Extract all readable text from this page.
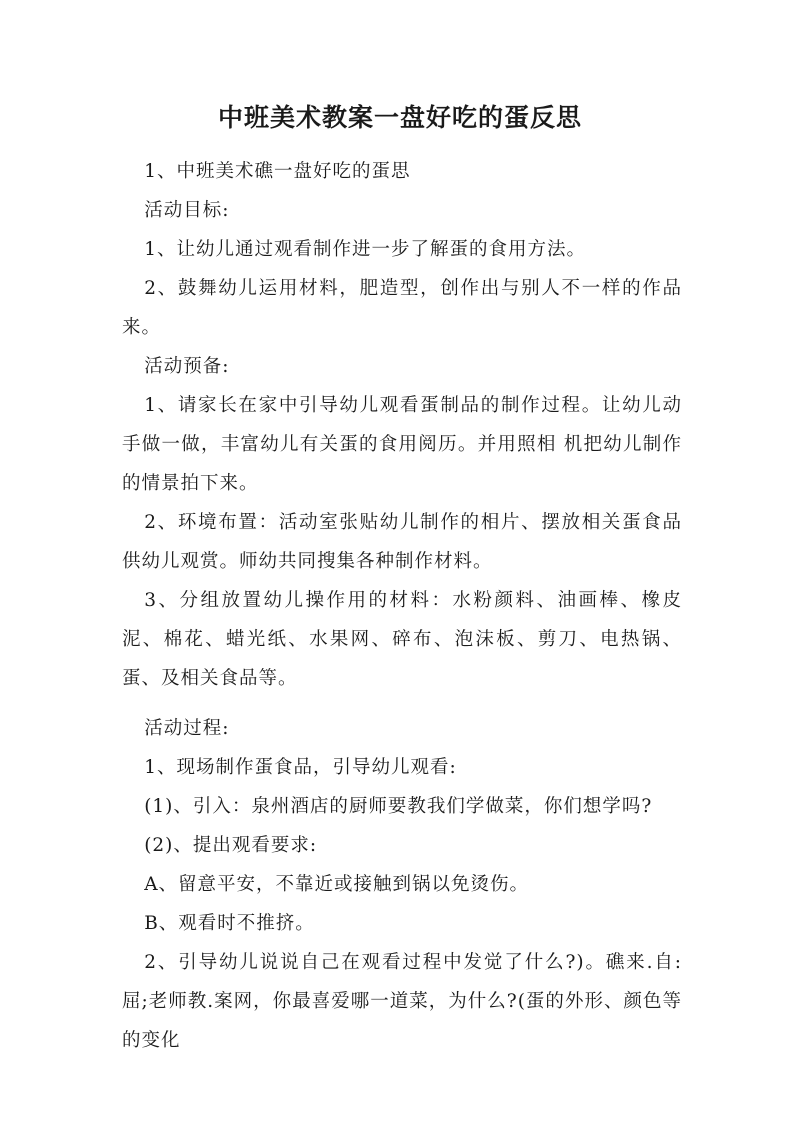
中班美术教案一盘好吃的蛋反思

1、中班美术礁一盘好吃的蛋思

活动目标:

1、让幼儿通过观看制作进一步了解蛋的食用方法。

2、鼓舞幼儿运用材料，肥造型，创作出与别人不一样的作品来。

活动预备:

1、请家长在家中引导幼儿观看蛋制品的制作过程。让幼儿动手做一做，丰富幼儿有关蛋的食用阅历。并用照相 机把幼儿制作的情景拍下来。

2、环境布置：活动室张贴幼儿制作的相片、摆放相关蛋食品供幼儿观赏。师幼共同搜集各种制作材料。

3、分组放置幼儿操作用的材料：水粉颜料、油画棒、橡皮泥、棉花、蜡光纸、水果网、碎布、泡沫板、剪刀、电热锅、蛋、及相关食品等。

活动过程:

1、现场制作蛋食品，引导幼儿观看:

(1)、引入：泉州酒店的厨师要教我们学做菜，你们想学吗?

(2)、提出观看要求:

A、留意平安，不靠近或接触到锅以免烫伤。

B、观看时不推挤。

2、引导幼儿说说自己在观看过程中发觉了什么?)。礁来.自:屈;老师教.案网，你最喜爱哪一道菜，为什么?(蛋的外形、颜色等的变化
